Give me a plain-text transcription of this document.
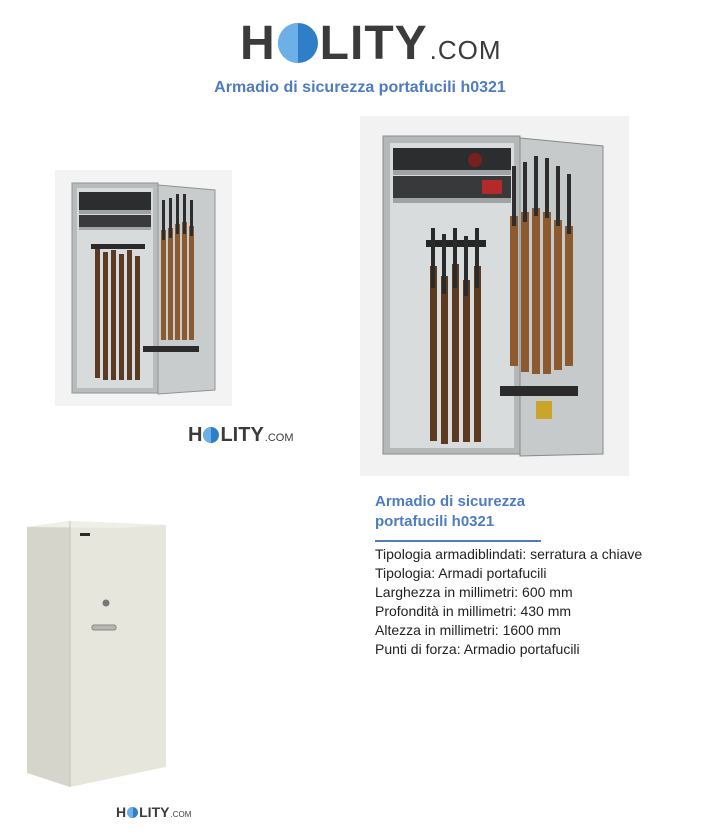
H LITY .COM
Armadio di sicurezza portafucili h0321
H LITY .COM
H LITY .COM
Armadio di sicurezza
portafucili h0321
Tipologia armadiblindati: serratura a chiave
Tipologia: Armadi portafucili
Larghezza in millimetri: 600 mm
Profondità in millimetri: 430 mm
Altezza in millimetri: 1600 mm
Punti di forza: Armadio portafucili
